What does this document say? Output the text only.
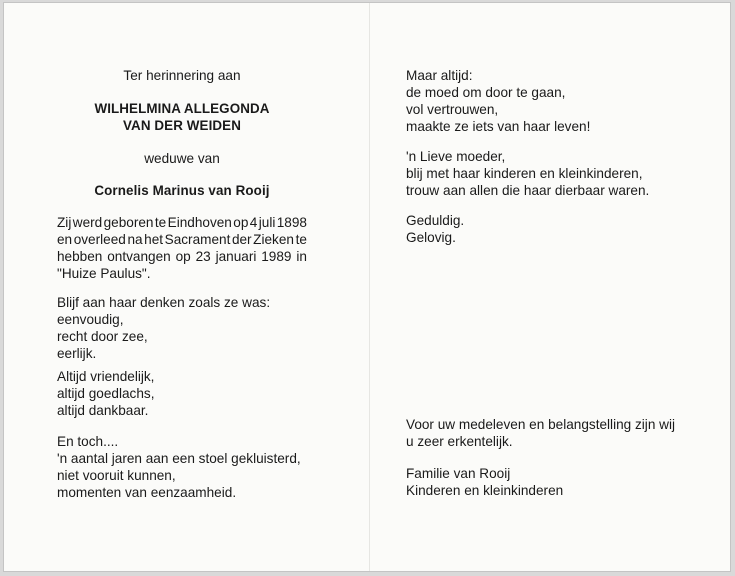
Ter herinnering aan
WILHELMINA ALLEGONDA
VAN DER WEIDEN
weduwe van
Cornelis Marinus van Rooij
Zij werd geboren te Eindhoven op 4 juli 1898
en overleed na het Sacrament der Zieken te
hebben ontvangen op 23 januari 1989 in
"Huize Paulus".
Blijf aan haar denken zoals ze was:
eenvoudig,
recht door zee,
eerlijk.
Altijd vriendelijk,
altijd goedlachs,
altijd dankbaar.
En toch....
'n aantal jaren aan een stoel gekluisterd,
niet vooruit kunnen,
momenten van eenzaamheid.
Maar altijd:
de moed om door te gaan,
vol vertrouwen,
maakte ze iets van haar leven!
'n Lieve moeder,
blij met haar kinderen en kleinkinderen,
trouw aan allen die haar dierbaar waren.
Geduldig.
Gelovig.
Voor uw medeleven en belangstelling zijn wij
u zeer erkentelijk.
Familie van Rooij
Kinderen en kleinkinderen
